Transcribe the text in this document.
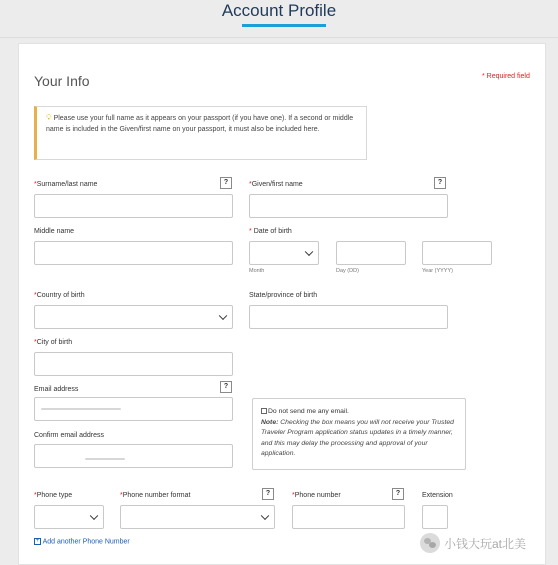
Account Profile
Your Info	* Required field
💡︎ Please use your full name as it appears on your passport (if you have one). If a second or middle name is included in the Given/first name on your passport, it must also be included here.
*Surname/last name	?	*Given/first name	?
Middle name	* Date of birth
Month	Day (DD)	Year (YYYY)
*Country of birth	State/province of birth
*City of birth
Email address	?
Confirm email address
Do not send me any email.
Note: Checking the box means you will not receive your Trusted Traveler Program application status updates in a timely manner, and this may delay the processing and approval of your application.
*Phone type	*Phone number format	?	*Phone number	?	Extension
+ Add another Phone Number	小钱大玩at北美
